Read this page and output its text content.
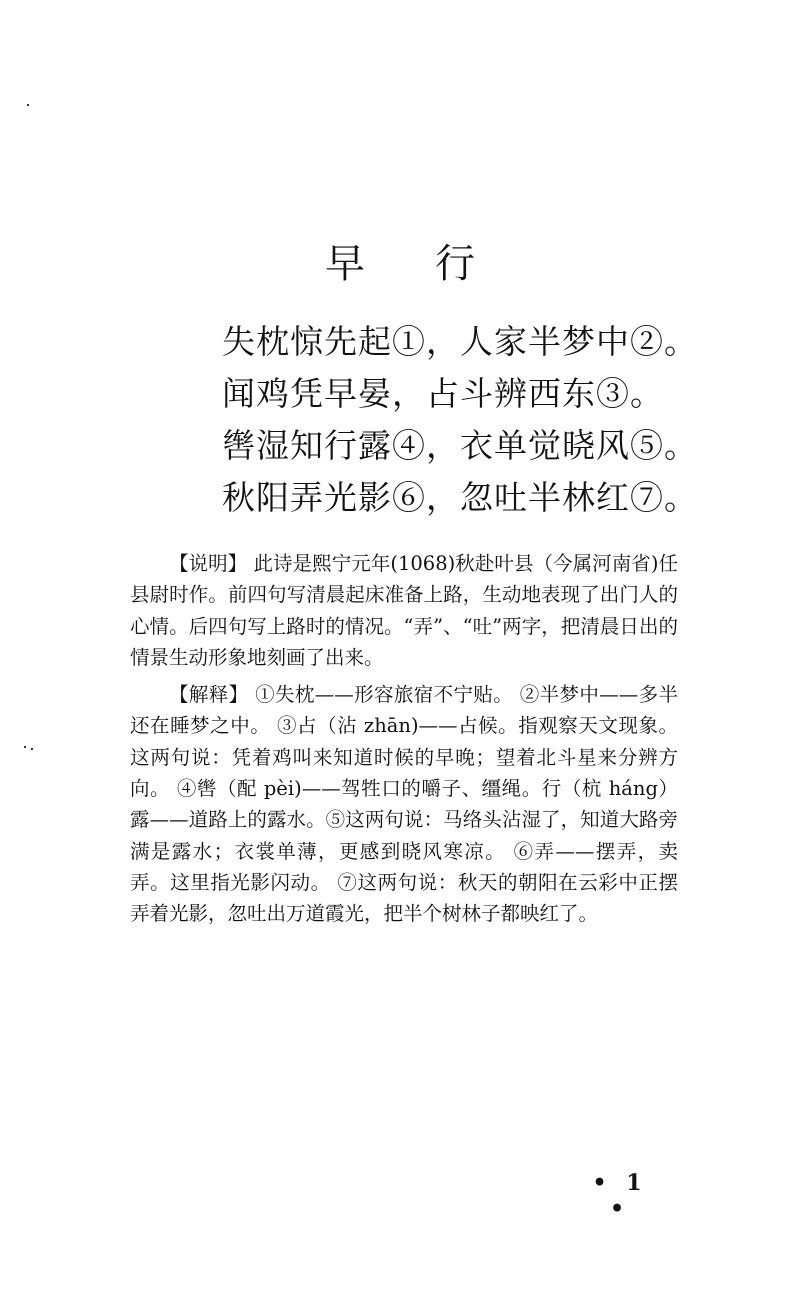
早 行
失枕惊先起①，人家半梦中②。
闻鸡凭早晏，占斗辨西东③。
辔湿知行露④，衣单觉晓风⑤。
秋阳弄光影⑥，忽吐半林红⑦。

【说明】 此诗是熙宁元年(1068)秋赴叶县（今属河南省)任县尉时作。前四句写清晨起床准备上路，生动地表现了出门人的心情。后四句写上路时的情况。“弄”、“吐”两字，把清晨日出的情景生动形象地刻画了出来。

【解释】 ①失枕——形容旅宿不宁贴。 ②半梦中——多半还在睡梦之中。 ③占（沾 zhān)——占候。指观察天文现象。这两句说：凭着鸡叫来知道时候的早晚；望着北斗星来分辨方向。 ④辔（配 pèi)——驾牲口的嚼子、缰绳。行（杭 háng）露——道路上的露水。⑤这两句说：马络头沾湿了，知道大路旁满是露水；衣裳单薄，更感到晓风寒凉。 ⑥弄——摆弄，卖弄。这里指光影闪动。 ⑦这两句说：秋天的朝阳在云彩中正摆弄着光影，忽吐出万道霞光，把半个树林子都映红了。

• 1 •
